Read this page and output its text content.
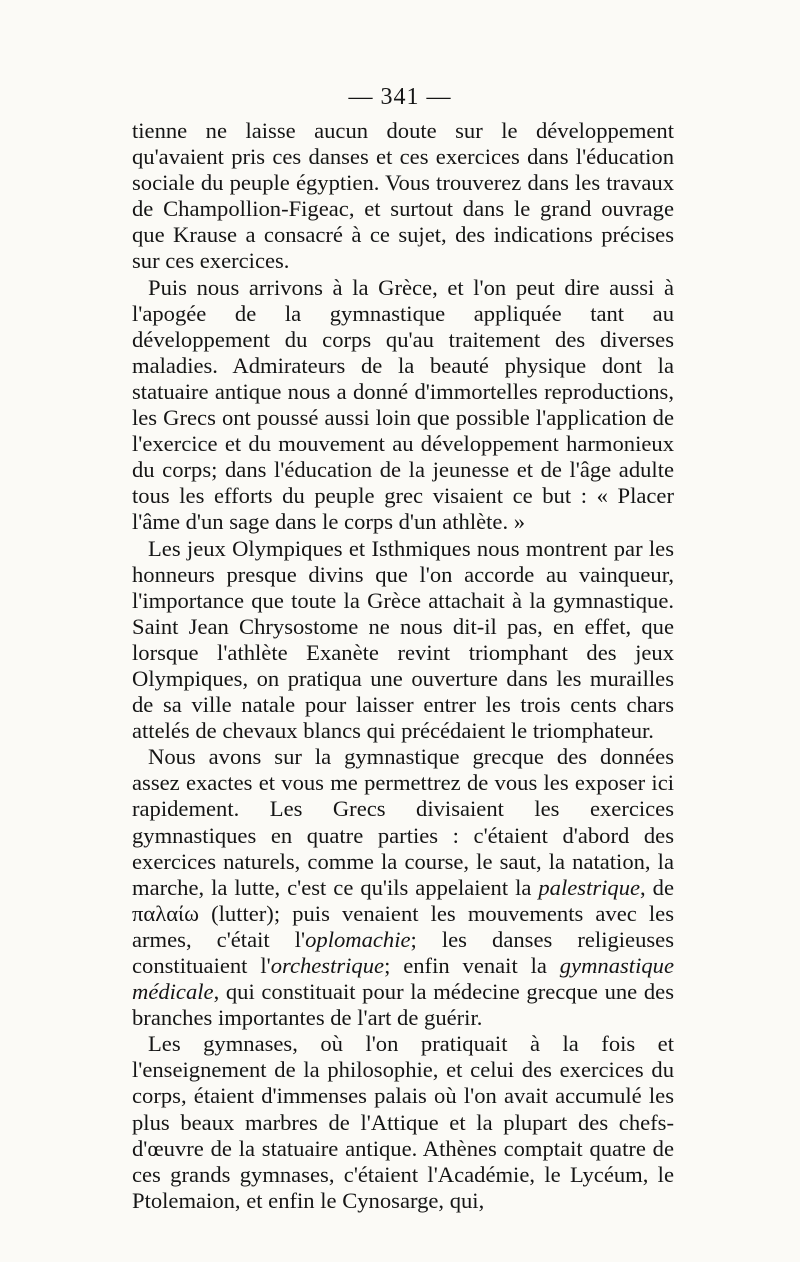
— 341 —

tienne ne laisse aucun doute sur le développement qu'avaient pris ces danses et ces exercices dans l'éducation sociale du peuple égyptien. Vous trouverez dans les travaux de Champollion-Figeac, et surtout dans le grand ouvrage que Krause a consacré à ce sujet, des indications précises sur ces exercices.

Puis nous arrivons à la Grèce, et l'on peut dire aussi à l'apogée de la gymnastique appliquée tant au développement du corps qu'au traitement des diverses maladies. Admirateurs de la beauté physique dont la statuaire antique nous a donné d'immortelles reproductions, les Grecs ont poussé aussi loin que possible l'application de l'exercice et du mouvement au développement harmonieux du corps; dans l'éducation de la jeunesse et de l'âge adulte tous les efforts du peuple grec visaient ce but : « Placer l'âme d'un sage dans le corps d'un athlète. »

Les jeux Olympiques et Isthmiques nous montrent par les honneurs presque divins que l'on accorde au vainqueur, l'importance que toute la Grèce attachait à la gymnastique. Saint Jean Chrysostome ne nous dit-il pas, en effet, que lorsque l'athlète Exanète revint triomphant des jeux Olympiques, on pratiqua une ouverture dans les murailles de sa ville natale pour laisser entrer les trois cents chars attelés de chevaux blancs qui précédaient le triomphateur.

Nous avons sur la gymnastique grecque des données assez exactes et vous me permettrez de vous les exposer ici rapidement. Les Grecs divisaient les exercices gymnastiques en quatre parties : c'étaient d'abord des exercices naturels, comme la course, le saut, la natation, la marche, la lutte, c'est ce qu'ils appelaient la palestrique, de παλαίω (lutter); puis venaient les mouvements avec les armes, c'était l'oplomachie; les danses religieuses constituaient l'orchestrique; enfin venait la gymnastique médicale, qui constituait pour la médecine grecque une des branches importantes de l'art de guérir.

Les gymnases, où l'on pratiquait à la fois et l'enseignement de la philosophie, et celui des exercices du corps, étaient d'immenses palais où l'on avait accumulé les plus beaux marbres de l'Attique et la plupart des chefs-d'œuvre de la statuaire antique. Athènes comptait quatre de ces grands gymnases, c'étaient l'Académie, le Lycéum, le Ptolemaion, et enfin le Cynosarge, qui,
